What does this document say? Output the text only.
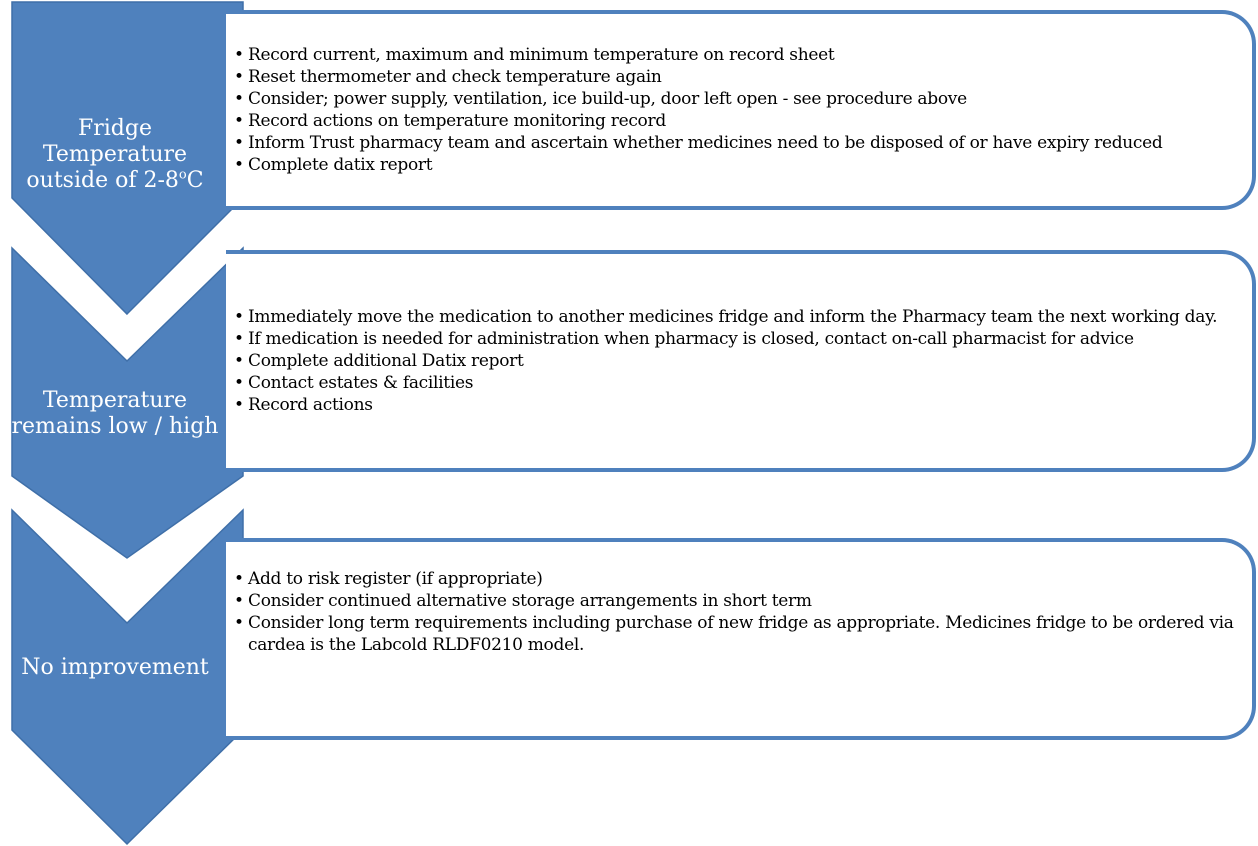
Fridge Temperature outside of 2-8$^o$C
• Record current, maximum and minimum temperature on record sheet
• Reset thermometer and check temperature again
• Consider; power supply, ventilation, ice build-up, door left open - see procedure above
• Record actions on temperature monitoring record
• Inform Trust pharmacy team and ascertain whether medicines need to be disposed of or have expiry reduced
• Complete datix report
Temperature remains low / high
• Immediately move the medication to another medicines fridge and inform the Pharmacy team the next working day.
• If medication is needed for administration when pharmacy is closed, contact on-call pharmacist for advice
• Complete additional Datix report
• Contact estates & facilities
• Record actions
No improvement
• Add to risk register (if appropriate)
• Consider continued alternative storage arrangements in short term
• Consider long term requirements including purchase of new fridge as appropriate. Medicines fridge to be ordered via cardea is the Labcold RLDF0210 model.
